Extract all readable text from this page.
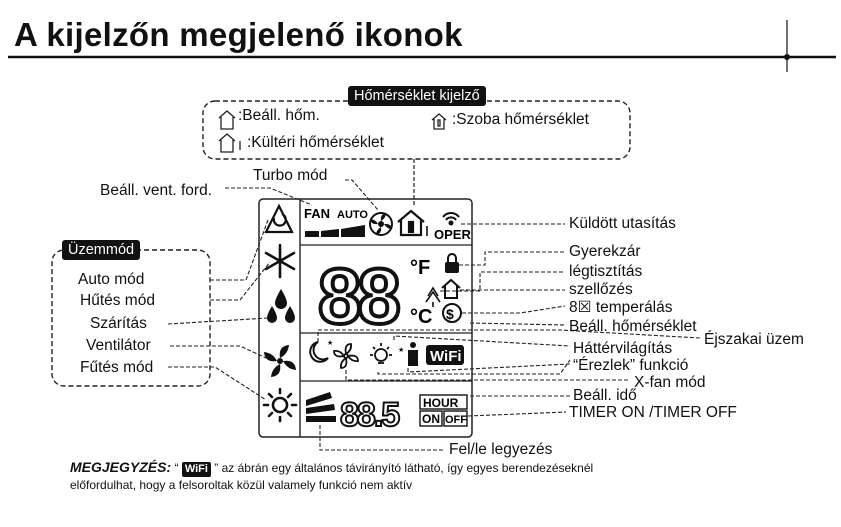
A kijelzőn megjelenő ikonok
FAN AUTO
OPER
88 °F
°C $
★
★ WiFi
88.5 HOUR
ON OFF
Hőmérséklet kijelző
:Beáll. hőm.	:Szoba hőmérséklet
:Kültéri hőmérséklet
Beáll. vent. ford.
Turbo mód
Üzemmód
Auto mód
Hűtés mód
Szárítás
Ventilátor
Fűtés mód
Küldött utasítás
Gyerekzár
légtisztítás
szellőzés
8☒ temperálás
Beáll. hőmérséklet
Éjszakai üzem
Háttérvilágítás
“Érezlek” funkció
X-fan mód
Beáll. idő
TIMER ON /TIMER OFF
Fel/le legyezés
MEGJEGYZÉS: “ WiFi ” az ábrán egy általános távirányító látható, így egyes berendezéseknél
előfordulhat, hogy a felsoroltak közül valamely funkció nem aktív
